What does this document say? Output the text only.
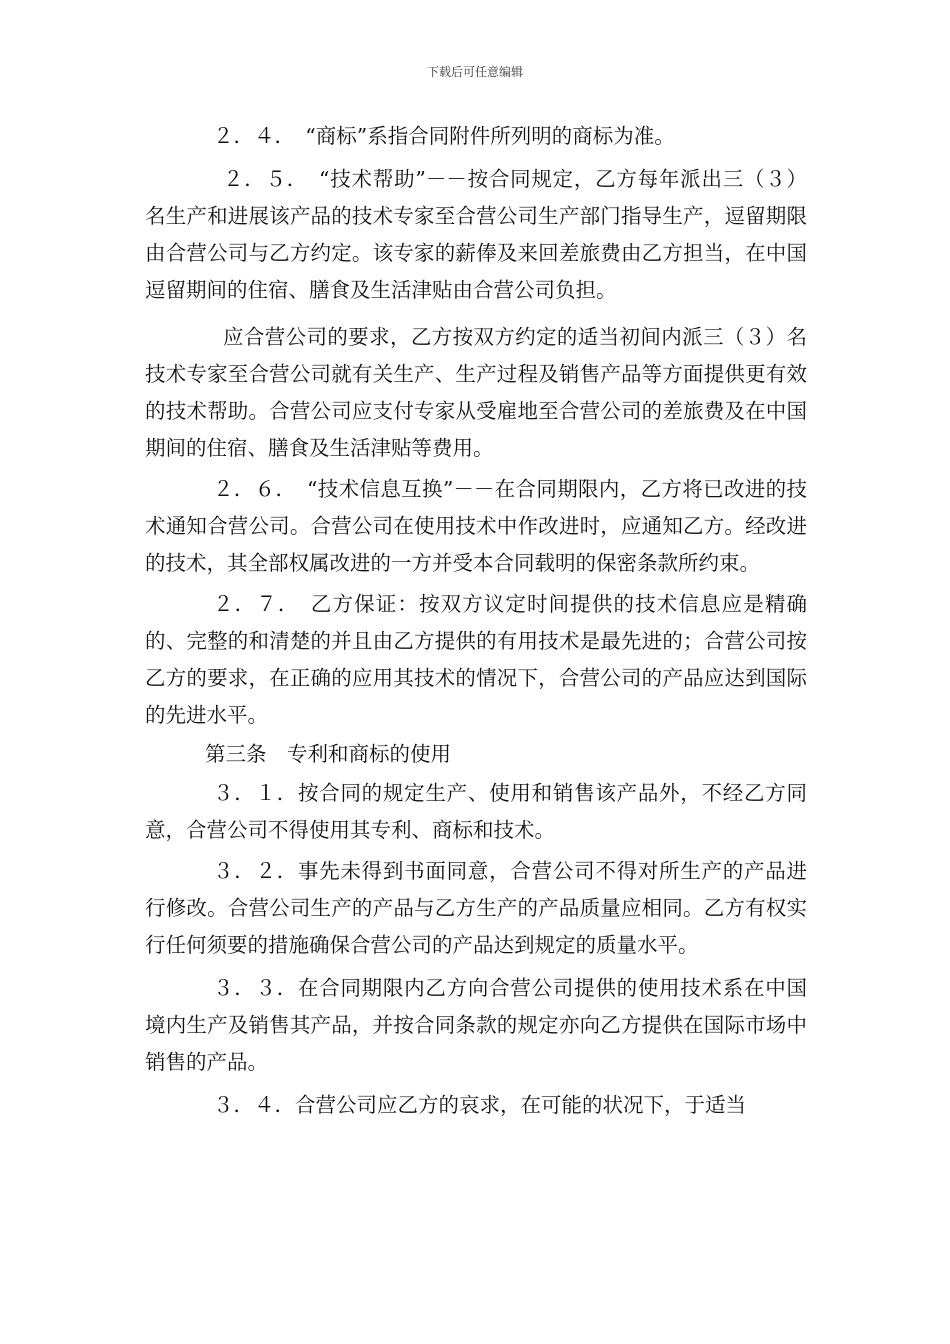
下载后可任意编辑

２．４．　“商标”系指合同附件所列明的商标为准。

２．５．　“技术帮助”－－按合同规定，乙方每年派出三（３）名生产和进展该产品的技术专家至合营公司生产部门指导生产，逗留期限由合营公司与乙方约定。该专家的薪俸及来回差旅费由乙方担当，在中国逗留期间的住宿、膳食及生活津贴由合营公司负担。

应合营公司的要求，乙方按双方约定的适当初间内派三（３）名技术专家至合营公司就有关生产、生产过程及销售产品等方面提供更有效的技术帮助。合营公司应支付专家从受雇地至合营公司的差旅费及在中国期间的住宿、膳食及生活津贴等费用。

２．６．　“技术信息互换”－－在合同期限内，乙方将已改进的技术通知合营公司。合营公司在使用技术中作改进时，应通知乙方。经改进的技术，其全部权属改进的一方并受本合同载明的保密条款所约束。

２．７．　乙方保证：按双方议定时间提供的技术信息应是精确的、完整的和清楚的并且由乙方提供的有用技术是最先进的；合营公司按乙方的要求，在正确的应用其技术的情况下，合营公司的产品应达到国际的先进水平。

第三条　专利和商标的使用

３．１．按合同的规定生产、使用和销售该产品外，不经乙方同意，合营公司不得使用其专利、商标和技术。

３．２．事先未得到书面同意，合营公司不得对所生产的产品进行修改。合营公司生产的产品与乙方生产的产品质量应相同。乙方有权实行任何须要的措施确保合营公司的产品达到规定的质量水平。

３．３．在合同期限内乙方向合营公司提供的使用技术系在中国境内生产及销售其产品，并按合同条款的规定亦向乙方提供在国际市场中销售的产品。

３．４．合营公司应乙方的哀求，在可能的状况下，于适当
